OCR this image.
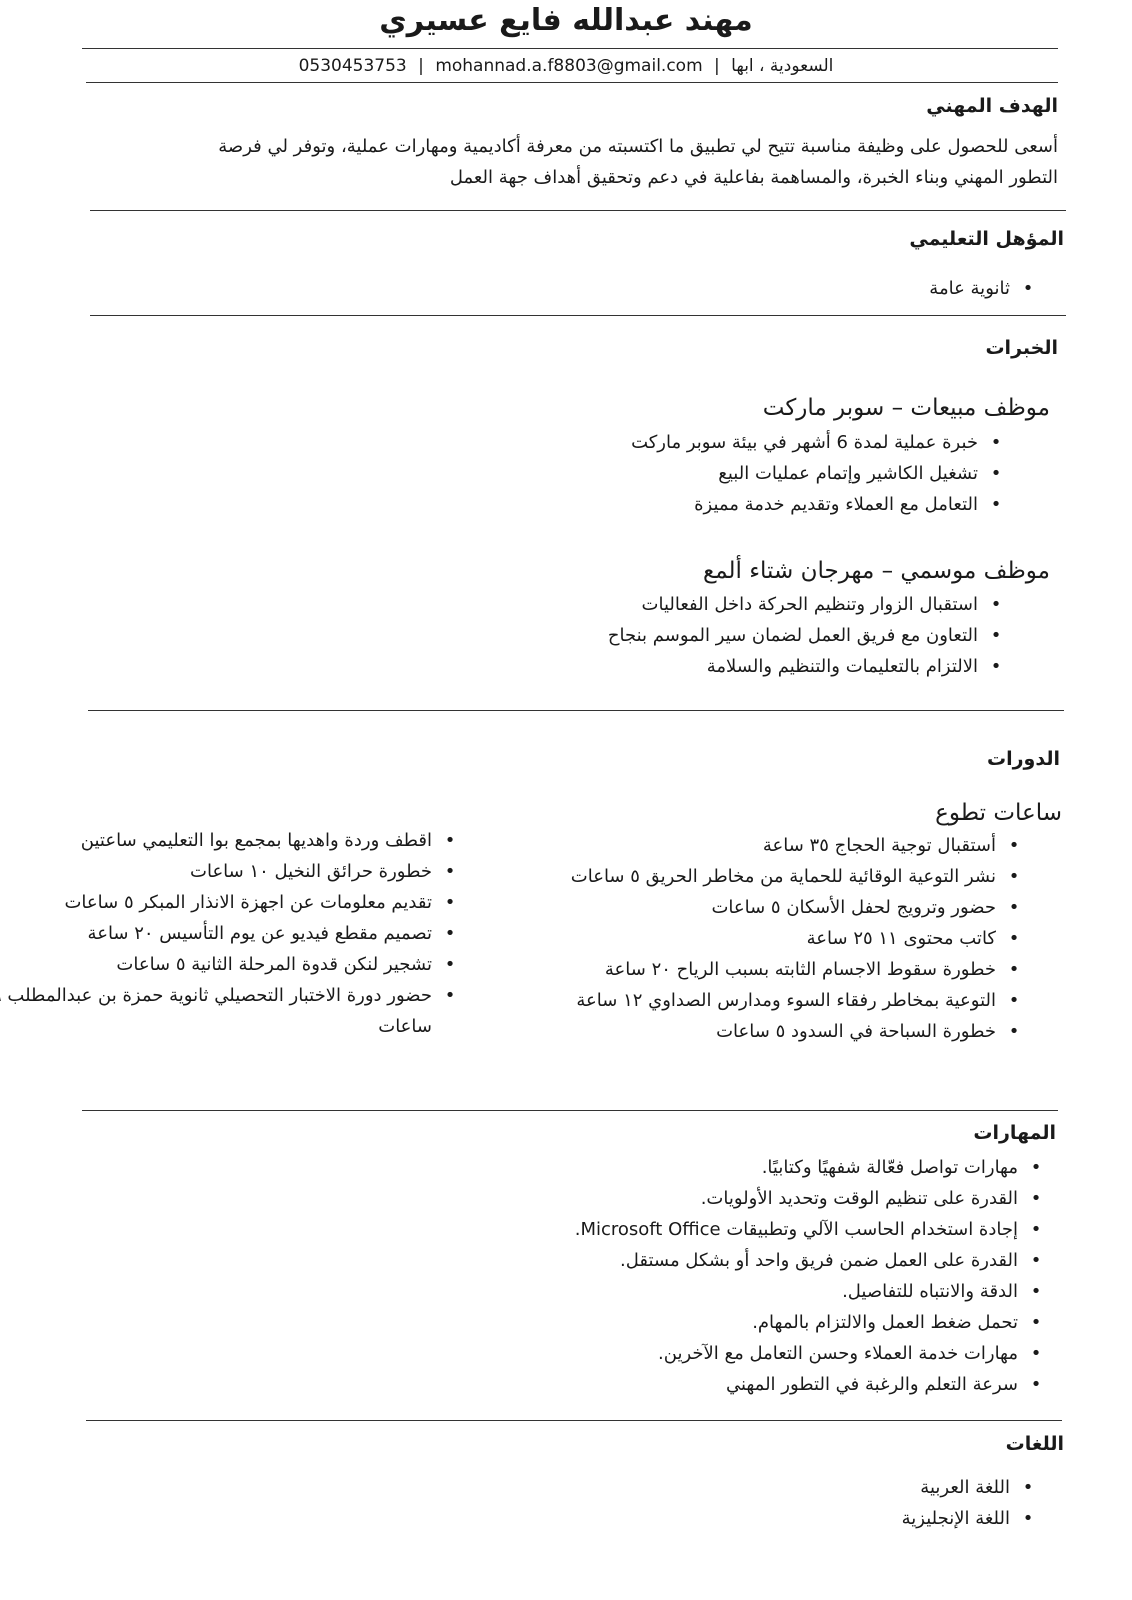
مهند عبدالله فايع عسيري
السعودية ، ابها | mohannad.a.f8803@gmail.com | 0530453753
الهدف المهني

أسعى للحصول على وظيفة مناسبة تتيح لي تطبيق ما اكتسبته من معرفة أكاديمية ومهارات عملية، وتوفر لي فرصة

التطور المهني وبناء الخبرة، والمساهمة بفاعلية في دعم وتحقيق أهداف جهة العمل

المؤهل التعليمي
• ثانوية عامة
الخبرات
موظف مبيعات – سوبر ماركت
• خبرة عملية لمدة 6 أشهر في بيئة سوبر ماركت
• تشغيل الكاشير وإتمام عمليات البيع
• التعامل مع العملاء وتقديم خدمة مميزة
موظف موسمي – مهرجان شتاء ألمع
• استقبال الزوار وتنظيم الحركة داخل الفعاليات
• التعاون مع فريق العمل لضمان سير الموسم بنجاح
• الالتزام بالتعليمات والتنظيم والسلامة
الدورات
ساعات تطوع
• أستقبال توجية الحجاج ٣٥ ساعة
• نشر التوعية الوقائية للحماية من مخاطر الحريق ٥ ساعات
• حضور وترويج لحفل الأسكان ٥ ساعات
• كاتب محتوى ١١ ٢٥ ساعة
• خطورة سقوط الاجسام الثابته بسبب الرياح ٢٠ ساعة
• التوعية بمخاطر رفقاء السوء ومدارس الصداوي ١٢ ساعة
• خطورة السباحة في السدود ٥ ساعات
• اقطف وردة واهديها بمجمع بوا التعليمي ساعتين
• خطورة حرائق النخيل ١٠ ساعات
• تقديم معلومات عن اجهزة الانذار المبكر ٥ ساعات
• تصميم مقطع فيديو عن يوم التأسيس ٢٠ ساعة
• تشجير لنكن قدوة المرحلة الثانية ٥ ساعات
• حضور دورة الاختبار التحصيلي ثانوية حمزة بن عبدالمطلب ساعات
المهارات
• مهارات تواصل فعّالة شفهيًا وكتابيًا.
• القدرة على تنظيم الوقت وتحديد الأولويات.
• إجادة استخدام الحاسب الآلي وتطبيقات Microsoft Office.
• القدرة على العمل ضمن فريق واحد أو بشكل مستقل.
• الدقة والانتباه للتفاصيل.
• تحمل ضغط العمل والالتزام بالمهام.
• مهارات خدمة العملاء وحسن التعامل مع الآخرين.
• سرعة التعلم والرغبة في التطور المهني
اللغات
• اللغة العربية
• اللغة الإنجليزية
